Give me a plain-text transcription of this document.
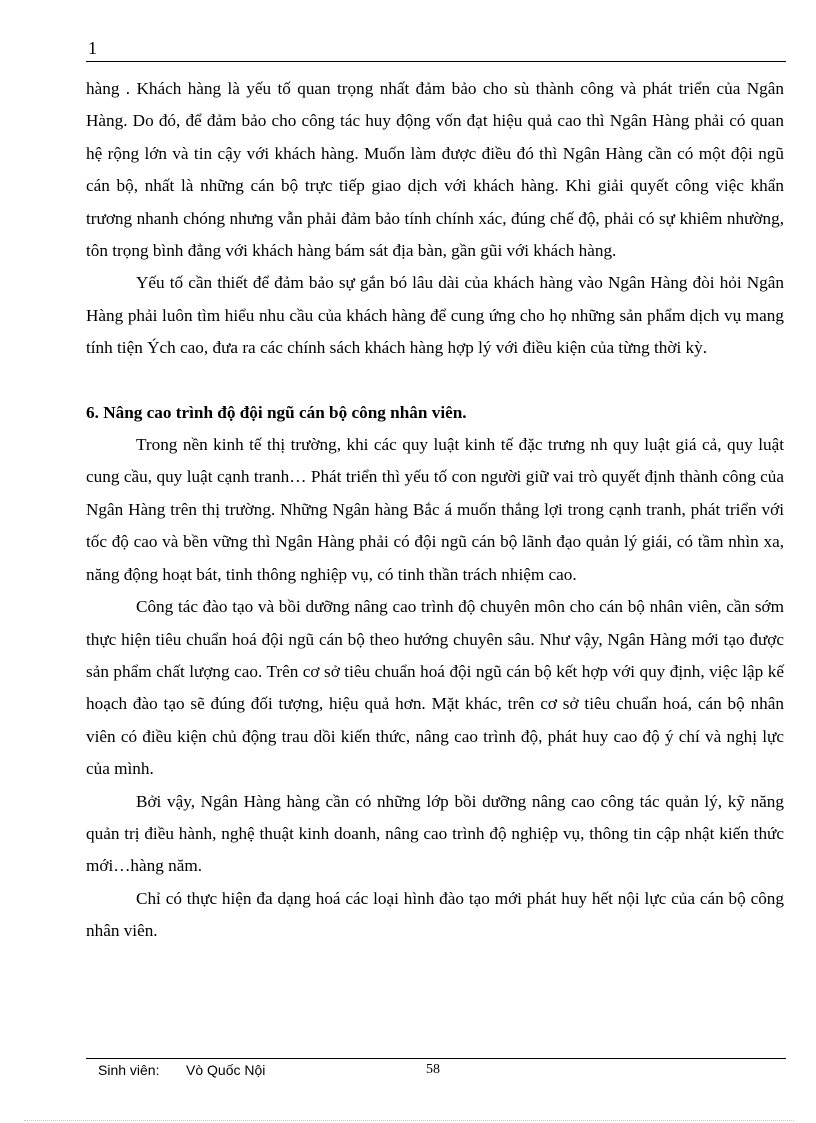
1

hàng . Khách hàng là yếu tố quan trọng nhất đảm bảo cho sù thành công và phát triển của Ngân Hàng. Do đó, để đảm bảo cho công tác huy động vốn đạt hiệu quả cao thì Ngân Hàng phải có quan hệ rộng lớn và tin cậy với khách hàng. Muốn làm được điều đó thì Ngân Hàng cần có một đội ngũ cán bộ, nhất là những cán bộ trực tiếp giao dịch với khách hàng. Khi giải quyết công việc khẩn trương nhanh chóng nhưng vẫn phải đảm bảo tính chính xác, đúng chế độ, phải có sự khiêm nhường, tôn trọng bình đẳng với khách hàng bám sát địa bàn, gần gũi với khách hàng.

Yếu tố cần thiết để đảm bảo sự gắn bó lâu dài của khách hàng vào Ngân Hàng đòi hỏi Ngân Hàng phải luôn tìm hiểu nhu cầu của khách hàng để cung ứng cho họ những sản phẩm dịch vụ mang tính tiện Ých cao, đưa ra các chính sách khách hàng hợp lý với điều kiện của từng thời kỳ.

6. Nâng cao trình độ đội ngũ cán bộ công nhân viên.

Trong nền kinh tế thị trường, khi các quy luật kinh tế đặc trưng nh quy luật giá cả, quy luật cung cầu, quy luật cạnh tranh… Phát triển thì yếu tố con người giữ vai trò quyết định thành công của Ngân Hàng trên thị trường. Những Ngân hàng Bắc á muốn thắng lợi trong cạnh tranh, phát triển với tốc độ cao và bền vững thì Ngân Hàng phải có đội ngũ cán bộ lãnh đạo quản lý giái, có tầm nhìn xa, năng động hoạt bát, tinh thông nghiệp vụ, có tinh thần trách nhiệm cao.

Công tác đào tạo và bồi dưỡng nâng cao trình độ chuyên môn cho cán bộ nhân viên, cần sớm thực hiện tiêu chuẩn hoá đội ngũ cán bộ theo hướng chuyên sâu. Như vậy, Ngân Hàng mới tạo được sản phẩm chất lượng cao. Trên cơ sở tiêu chuẩn hoá đội ngũ cán bộ kết hợp với quy định, việc lập kế hoạch đào tạo sẽ đúng đối tượng, hiệu quả hơn. Mặt khác, trên cơ sở tiêu chuẩn hoá, cán bộ nhân viên có điều kiện chủ động trau dồi kiến thức, nâng cao trình độ, phát huy cao độ ý chí và nghị lực của mình.

Bởi vậy, Ngân Hàng hàng cần có những lớp bồi dưỡng nâng cao công tác quản lý, kỹ năng quản trị điều hành, nghệ thuật kinh doanh, nâng cao trình độ nghiệp vụ, thông tin cập nhật kiến thức mới…hàng năm.

Chỉ có thực hiện đa dạng hoá các loại hình đào tạo mới phát huy hết nội lực của cán bộ công nhân viên.

Sinh viên: Vò Quốc Nội	58
